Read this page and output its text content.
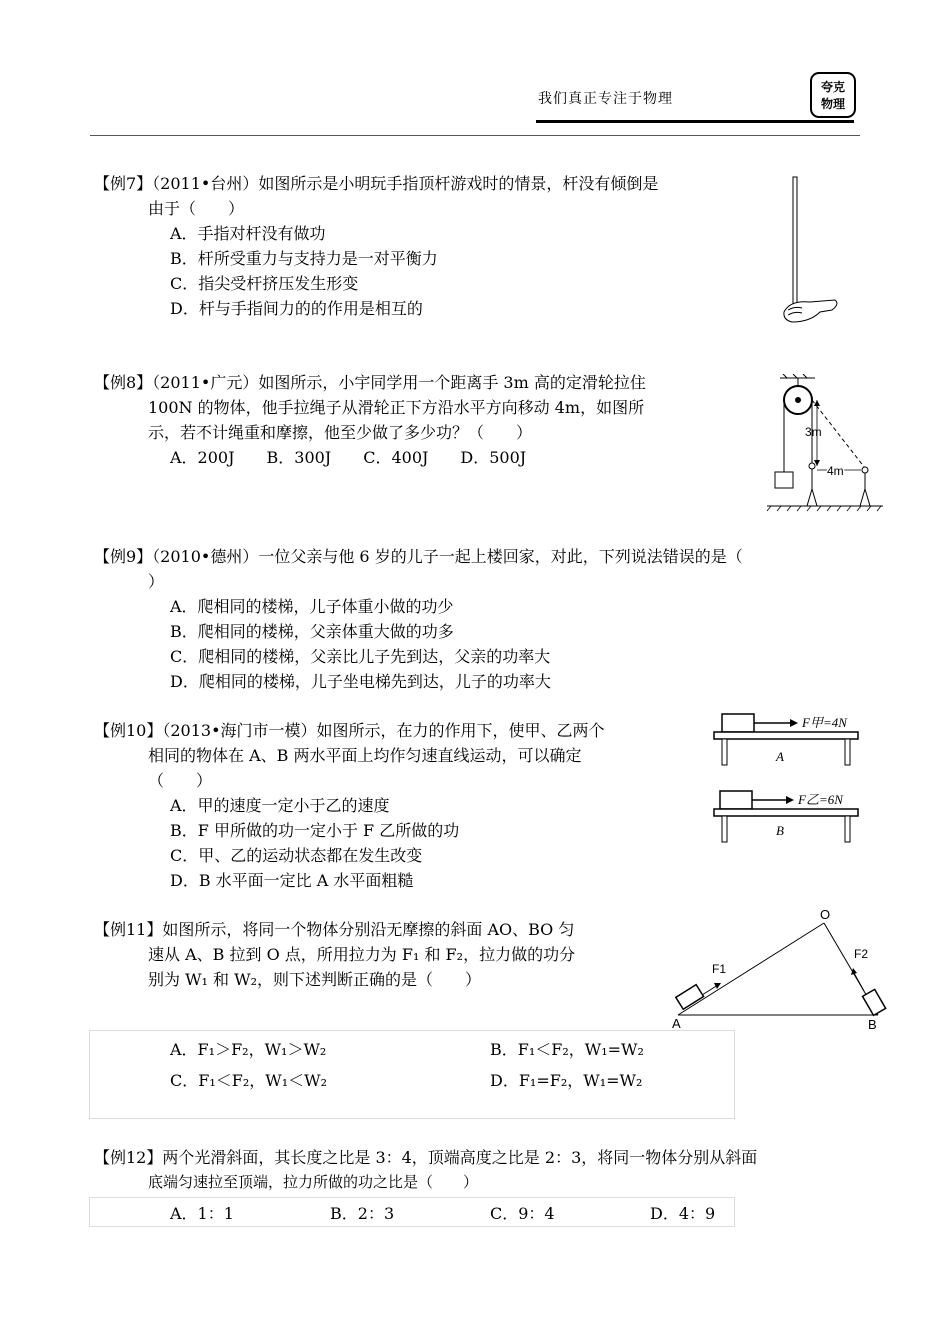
我们真正专注于物理
夸克
物理
【例7】（2011•台州）如图所示是小明玩手指顶杆游戏时的情景，杆没有倾倒是
由于（　　）
A．手指对杆没有做功
B．杆所受重力与支持力是一对平衡力
C．指尖受杆挤压发生形变
D．杆与手指间力的的作用是相互的
【例8】（2011•广元）如图所示，小宇同学用一个距离手 3m 高的定滑轮拉住
100N 的物体，他手拉绳子从滑轮正下方沿水平方向移动 4m，如图所
示，若不计绳重和摩擦，他至少做了多少功？（　　）
A．200J　　B．300J　　C．400J　　D．500J
3m
4m
【例9】（2010•德州）一位父亲与他 6 岁的儿子一起上楼回家，对此，下列说法错误的是（
）
A．爬相同的楼梯，儿子体重小做的功少
B．爬相同的楼梯，父亲体重大做的功多
C．爬相同的楼梯，父亲比儿子先到达，父亲的功率大
D．爬相同的楼梯，儿子坐电梯先到达，儿子的功率大
【例10】（2013•海门市一模）如图所示，在力的作用下，使甲、乙两个
相同的物体在 A、B 两水平面上均作匀速直线运动，可以确定
（　　）
A．甲的速度一定小于乙的速度
B．F 甲所做的功一定小于 F 乙所做的功
C．甲、乙的运动状态都在发生改变
D．B 水平面一定比 A 水平面粗糙
F甲=4N
A
F乙=6N
B
【例11】如图所示，将同一个物体分别沿无摩擦的斜面 AO、BO 匀
速从 A、B 拉到 O 点，所用拉力为 F₁ 和 F₂，拉力做的功分
别为 W₁ 和 W₂，则下述判断正确的是（　　）
O
F1
F2
A	B
A．F₁＞F₂，W₁＞W₂	B．F₁＜F₂，W₁=W₂
C．F₁＜F₂，W₁＜W₂	D．F₁=F₂，W₁=W₂
【例12】两个光滑斜面，其长度之比是 3：4，顶端高度之比是 2：3，将同一物体分别从斜面
底端匀速拉至顶端，拉力所做的功之比是（　　）
A．1：1	B．2：3	C．9：4	D．4：9
